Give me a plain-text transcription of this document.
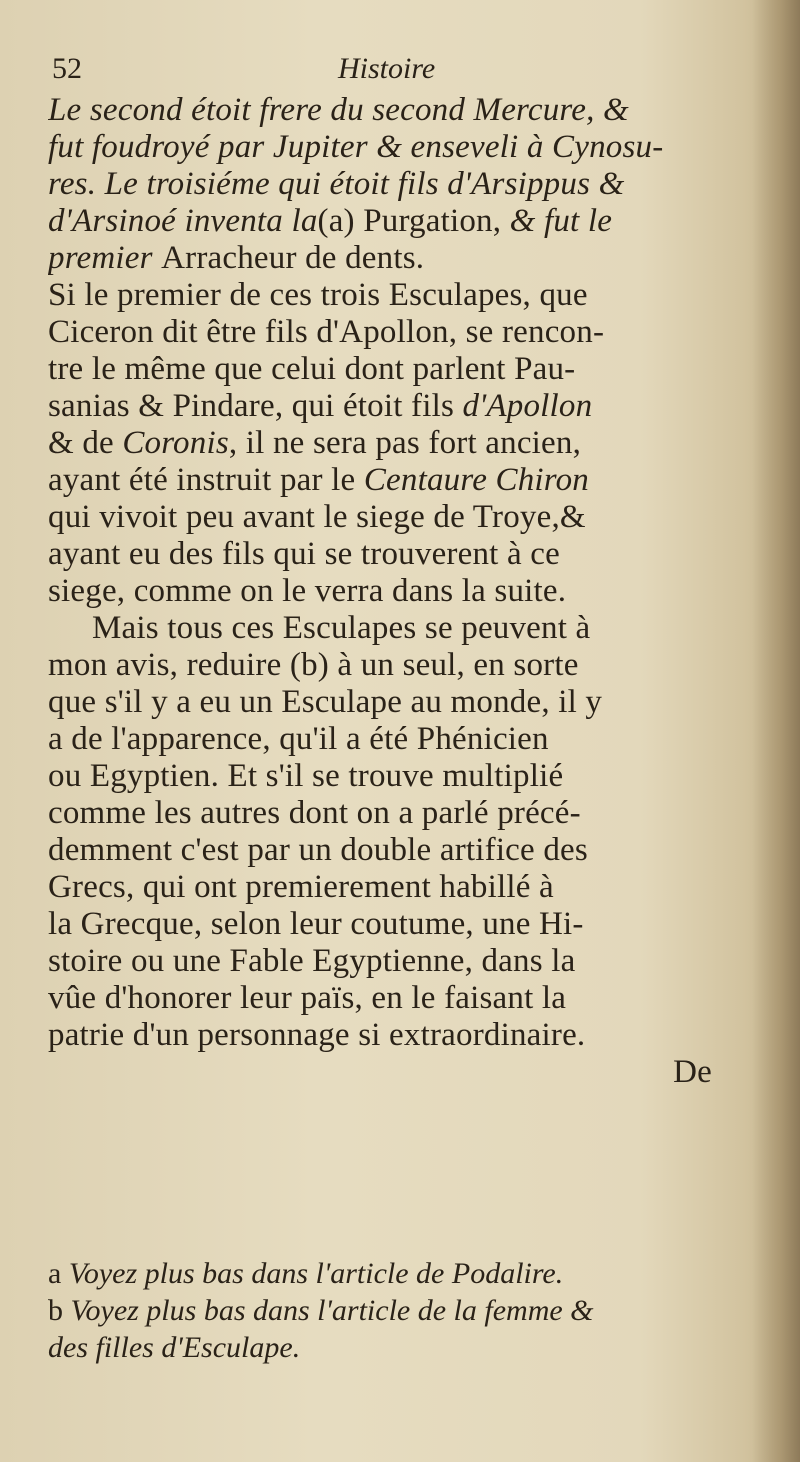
52	Histoire
Le second étoit frere du second Mercure, &
fut foudroyé par Jupiter & enseveli à Cynosu-
res. Le troisiéme qui étoit fils d'Arsippus &
d'Arsinoé inventa la(a) Purgation, & fut le
premier Arracheur de dents.
Si le premier de ces trois Esculapes, que
Ciceron dit être fils d'Apollon, se rencon-
tre le même que celui dont parlent Pau-
sanias & Pindare, qui étoit fils d'Apollon
& de Coronis, il ne sera pas fort ancien,
ayant été instruit par le Centaure Chiron
qui vivoit peu avant le siege de Troye,&
ayant eu des fils qui se trouverent à ce
siege, comme on le verra dans la suite.
Mais tous ces Esculapes se peuvent à
mon avis, reduire (b) à un seul, en sorte
que s'il y a eu un Esculape au monde, il y
a de l'apparence, qu'il a été Phénicien
ou Egyptien. Et s'il se trouve multiplié
comme les autres dont on a parlé précé-
demment c'est par un double artifice des
Grecs, qui ont premierement habillé à
la Grecque, selon leur coutume, une Hi-
stoire ou une Fable Egyptienne, dans la
vûe d'honorer leur païs, en le faisant la
patrie d'un personnage si extraordinaire.
De
a Voyez plus bas dans l'article de Podalire.
b Voyez plus bas dans l'article de la femme &
des filles d'Esculape.
